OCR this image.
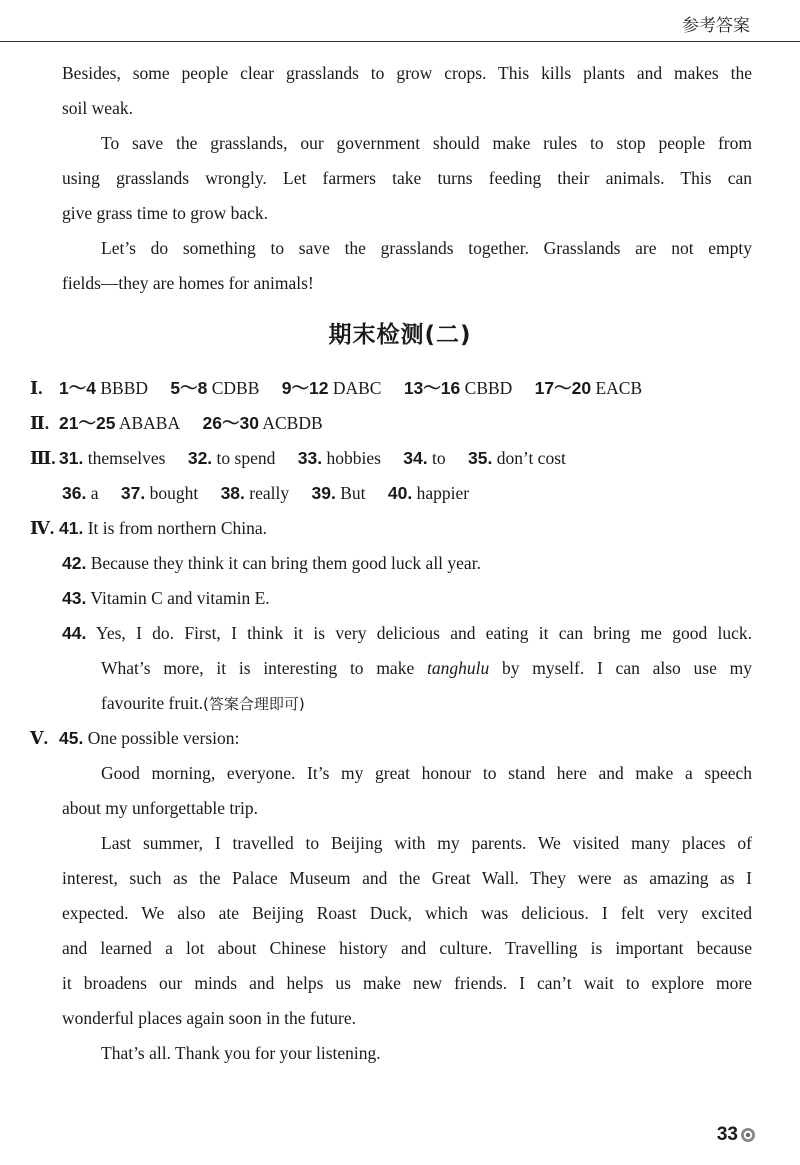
参考答案
Besides, some people clear grasslands to grow crops. This kills plants and makes the
soil weak.
To save the grasslands, our government should make rules to stop people from
using grasslands wrongly. Let farmers take turns feeding their animals. This can
give grass time to grow back.
Let’s do something to save the grasslands together. Grasslands are not empty
fields—they are homes for animals!
期末检测(二)
Ⅰ. 1～4 BBBD 5～8 CDBB 9～12 DABC 13～16 CBBD 17～20 EACB
Ⅱ. 21～25 ABABA 26～30 ACBDB
Ⅲ. 31. themselves 32. to spend 33. hobbies 34. to 35. don’t cost
36. a 37. bought 38. really 39. But 40. happier
Ⅳ. 41. It is from northern China.
42. Because they think it can bring them good luck all year.
43. Vitamin C and vitamin E.
44. Yes, I do. First, I think it is very delicious and eating it can bring me good luck.
What’s more, it is interesting to make tanghulu by myself. I can also use my
favourite fruit.(答案合理即可)
Ⅴ. 45. One possible version:
Good morning, everyone. It’s my great honour to stand here and make a speech
about my unforgettable trip.
Last summer, I travelled to Beijing with my parents. We visited many places of
interest, such as the Palace Museum and the Great Wall. They were as amazing as I
expected. We also ate Beijing Roast Duck, which was delicious. I felt very excited
and learned a lot about Chinese history and culture. Travelling is important because
it broadens our minds and helps us make new friends. I can’t wait to explore more
wonderful places again soon in the future.
That’s all. Thank you for your listening.
33
